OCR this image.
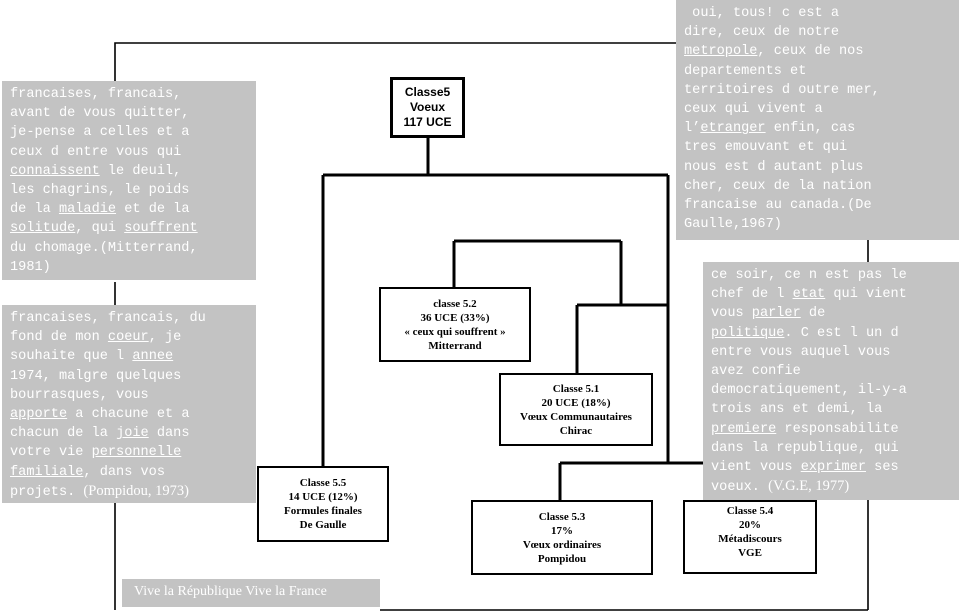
Classe5
Voeux
117 UCE
classe 5.2
36 UCE (33%)
« ceux qui souffrent »
Mitterrand
Classe 5.1
20 UCE (18%)
Vœux Communautaires
Chirac
Classe 5.5
14 UCE (12%)
Formules finales
De Gaulle
Classe 5.3
17%
Vœux ordinaires
Pompidou
Classe 5.4
20%
Métadiscours
VGE
francaises, francais,
avant de vous quitter,
je-pense a celles et a
ceux d entre vous qui
connaissent le deuil,
les chagrins, le poids
de la maladie et de la
solitude, qui souffrent
du chomage.(Mitterrand,
1981)
francaises, francais, du
fond de mon coeur, je
souhaite que l annee
1974, malgre quelques
bourrasques, vous
apporte a chacune et a
chacun de la joie dans
votre vie personnelle
familiale, dans vos
projets. (Pompidou, 1973)
oui, tous! c est a
dire, ceux de notre
metropole, ceux de nos
departements et
territoires d outre mer,
ceux qui vivent a
l’etranger enfin, cas
tres emouvant et qui
nous est d autant plus
cher, ceux de la nation
francaise au canada.(De
Gaulle,1967)
ce soir, ce n est pas le
chef de l etat qui vient
vous parler de
politique. C est l un d
entre vous auquel vous
avez confie
democratiquement, il-y-a
trois ans et demi, la
premiere responsabilite
dans la republique, qui
vient vous exprimer ses
voeux. (V.G.E, 1977)
Vive la République Vive la France
